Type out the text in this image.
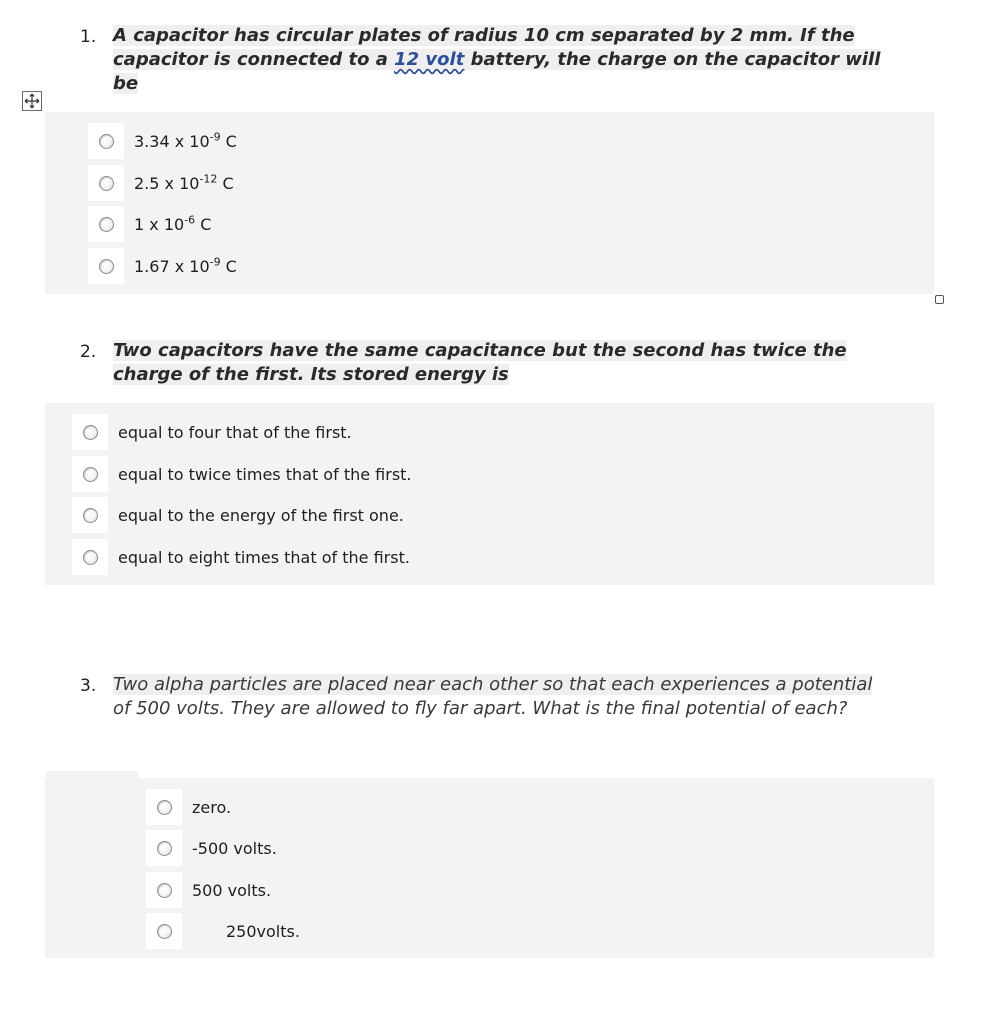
1. A capacitor has circular plates of radius 10 cm separated by 2 mm. If the
capacitor is connected to a 12 volt battery, the charge on the capacitor will
be
3.34 x $10^{-9}$ C
2.5 x $10^{-12}$ C
1 x $10^{-6}$ C
1.67 x $10^{-9}$ C
2. Two capacitors have the same capacitance but the second has twice the
charge of the first. Its stored energy is
equal to four that of the first.
equal to twice times that of the first.
equal to the energy of the first one.
equal to eight times that of the first.
3. Two alpha particles are placed near each other so that each experiences a potential
of 500 volts. They are allowed to fly far apart. What is the final potential of each?
zero.
-500 volts.
500 volts.
250volts.
